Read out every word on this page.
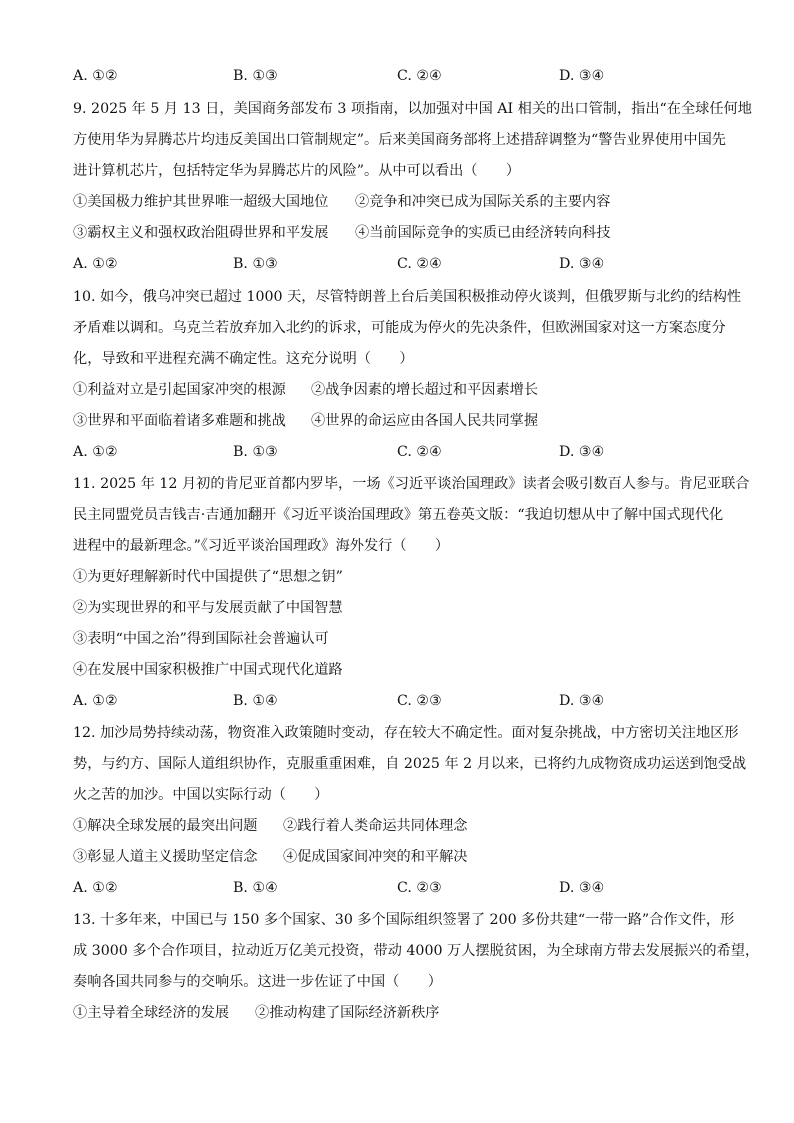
A. ①②	B. ①③	C. ②④	D. ③④
9. 2025 年 5 月 13 日，美国商务部发布 3 项指南，以加强对中国 AI 相关的出口管制，指出“在全球任何地
方使用华为昇腾芯片均违反美国出口管制规定”。后来美国商务部将上述措辞调整为“警告业界使用中国先
进计算机芯片，包括特定华为昇腾芯片的风险”。从中可以看出（　　）
①美国极力维护其世界唯一超级大国地位 ②竞争和冲突已成为国际关系的主要内容
③霸权主义和强权政治阻碍世界和平发展 ④当前国际竞争的实质已由经济转向科技
A. ①②	B. ①③	C. ②④	D. ③④
10. 如今，俄乌冲突已超过 1000 天，尽管特朗普上台后美国积极推动停火谈判，但俄罗斯与北约的结构性
矛盾难以调和。乌克兰若放弃加入北约的诉求，可能成为停火的先决条件，但欧洲国家对这一方案态度分
化，导致和平进程充满不确定性。这充分说明（　　）
①利益对立是引起国家冲突的根源 ②战争因素的增长超过和平因素增长
③世界和平面临着诸多难题和挑战 ④世界的命运应由各国人民共同掌握
A. ①②	B. ①③	C. ②④	D. ③④
11. 2025 年 12 月初的肯尼亚首都内罗毕，一场《习近平谈治国理政》读者会吸引数百人参与。肯尼亚联合
民主同盟党员吉钱吉·吉通加翻开《习近平谈治国理政》第五卷英文版：“我迫切想从中了解中国式现代化
进程中的最新理念。”《习近平谈治国理政》海外发行（　　）
①为更好理解新时代中国提供了“思想之钥”
②为实现世界的和平与发展贡献了中国智慧
③表明“中国之治”得到国际社会普遍认可
④在发展中国家积极推广中国式现代化道路
A. ①②	B. ①④	C. ②③	D. ③④
12. 加沙局势持续动荡，物资准入政策随时变动，存在较大不确定性。面对复杂挑战，中方密切关注地区形
势，与约方、国际人道组织协作，克服重重困难，自 2025 年 2 月以来，已将约九成物资成功运送到饱受战
火之苦的加沙。中国以实际行动（　　）
①解决全球发展的最突出问题 ②践行着人类命运共同体理念
③彰显人道主义援助坚定信念 ④促成国家间冲突的和平解决
A. ①②	B. ①④	C. ②③	D. ③④
13. 十多年来，中国已与 150 多个国家、30 多个国际组织签署了 200 多份共建“一带一路”合作文件，形
成 3000 多个合作项目，拉动近万亿美元投资，带动 4000 万人摆脱贫困，为全球南方带去发展振兴的希望，
奏响各国共同参与的交响乐。这进一步佐证了中国（　　）
①主导着全球经济的发展 ②推动构建了国际经济新秩序
